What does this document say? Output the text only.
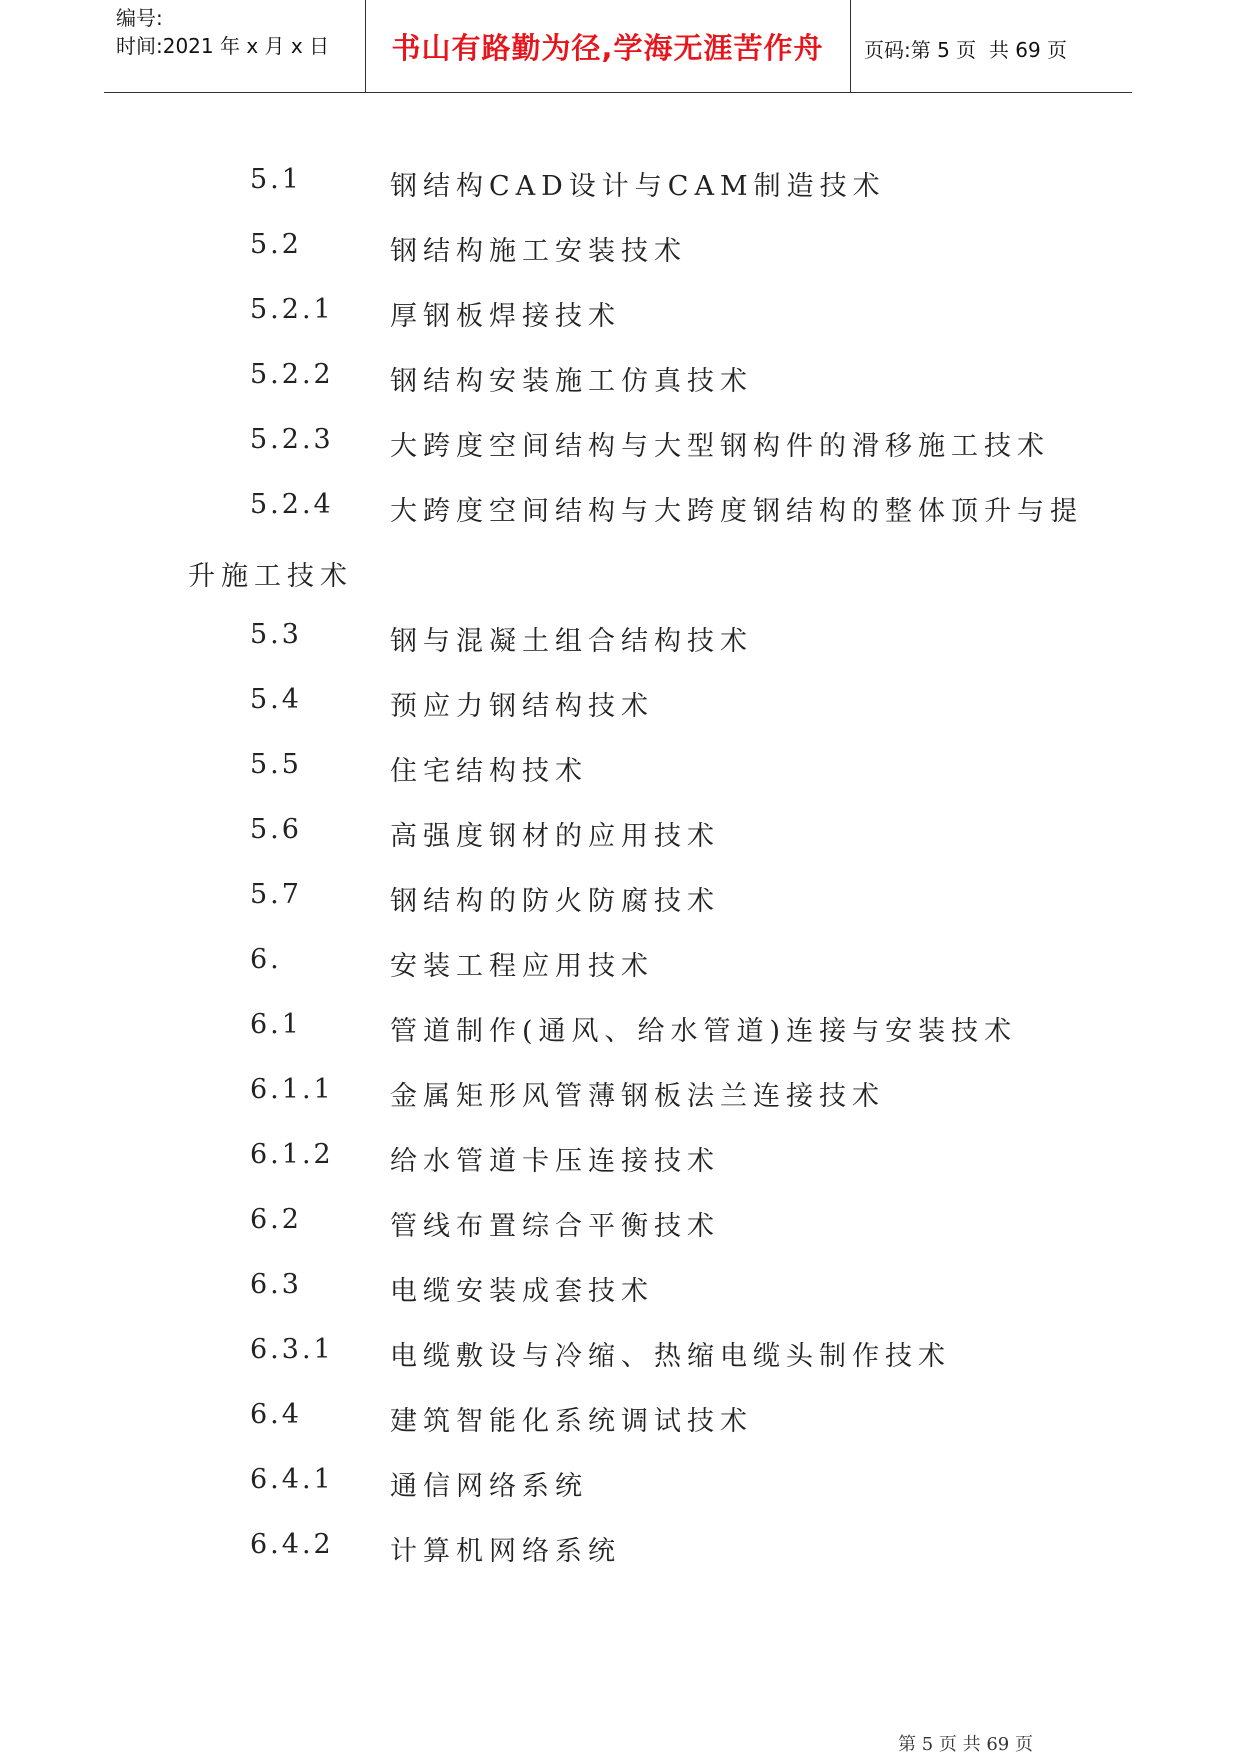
编号:
时间:2021 年 x 月 x 日	书山有路勤为径,学海无涯苦作舟	页码:第 5 页  共 69 页
5.1	钢结构CAD设计与CAM制造技术
5.2	钢结构施工安装技术
5.2.1 厚钢板焊接技术
5.2.2 钢结构安装施工仿真技术
5.2.3 大跨度空间结构与大型钢构件的滑移施工技术
5.2.4 大跨度空间结构与大跨度钢结构的整体顶升与提
升施工技术
5.3	钢与混凝土组合结构技术
5.4	预应力钢结构技术
5.5	住宅结构技术
5.6	高强度钢材的应用技术
5.7	钢结构的防火防腐技术
6.	安装工程应用技术
6.1	管道制作(通风、给水管道)连接与安装技术
6.1.1 金属矩形风管薄钢板法兰连接技术
6.1.2 给水管道卡压连接技术
6.2	管线布置综合平衡技术
6.3	电缆安装成套技术
6.3.1 电缆敷设与冷缩、热缩电缆头制作技术
6.4	建筑智能化系统调试技术
6.4.1 通信网络系统
6.4.2 计算机网络系统
第 5 页 共 69 页
